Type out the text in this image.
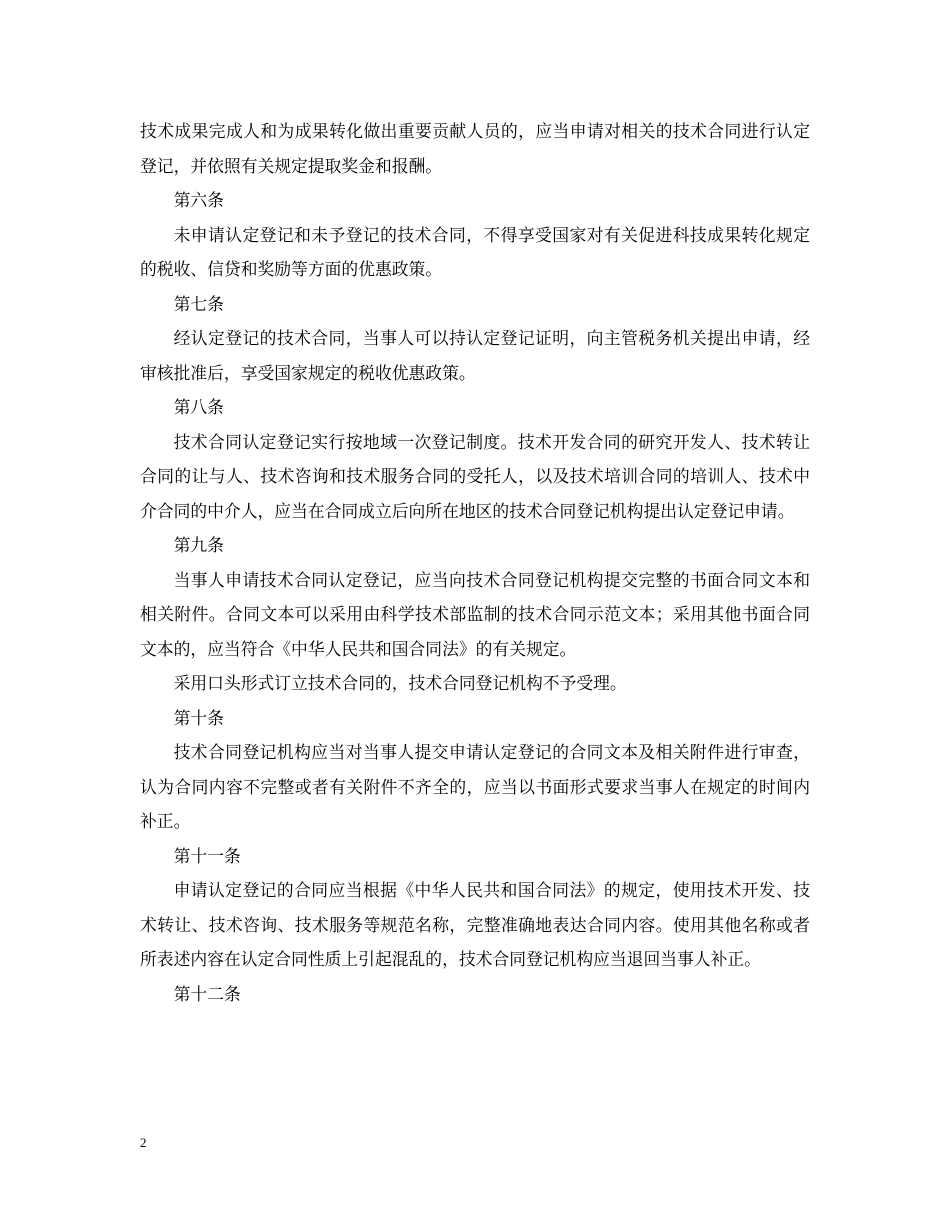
技术成果完成人和为成果转化做出重要贡献人员的，应当申请对相关的技术合同进行认定登记，并依照有关规定提取奖金和报酬。

第六条

未申请认定登记和未予登记的技术合同，不得享受国家对有关促进科技成果转化规定的税收、信贷和奖励等方面的优惠政策。

第七条

经认定登记的技术合同，当事人可以持认定登记证明，向主管税务机关提出申请，经审核批准后，享受国家规定的税收优惠政策。

第八条

技术合同认定登记实行按地域一次登记制度。技术开发合同的研究开发人、技术转让合同的让与人、技术咨询和技术服务合同的受托人，以及技术培训合同的培训人、技术中介合同的中介人，应当在合同成立后向所在地区的技术合同登记机构提出认定登记申请。

第九条

当事人申请技术合同认定登记，应当向技术合同登记机构提交完整的书面合同文本和相关附件。合同文本可以采用由科学技术部监制的技术合同示范文本；采用其他书面合同文本的，应当符合《中华人民共和国合同法》的有关规定。

采用口头形式订立技术合同的，技术合同登记机构不予受理。

第十条

技术合同登记机构应当对当事人提交申请认定登记的合同文本及相关附件进行审查，认为合同内容不完整或者有关附件不齐全的，应当以书面形式要求当事人在规定的时间内补正。

第十一条

申请认定登记的合同应当根据《中华人民共和国合同法》的规定，使用技术开发、技术转让、技术咨询、技术服务等规范名称，完整准确地表达合同内容。使用其他名称或者所表述内容在认定合同性质上引起混乱的，技术合同登记机构应当退回当事人补正。

第十二条

2
